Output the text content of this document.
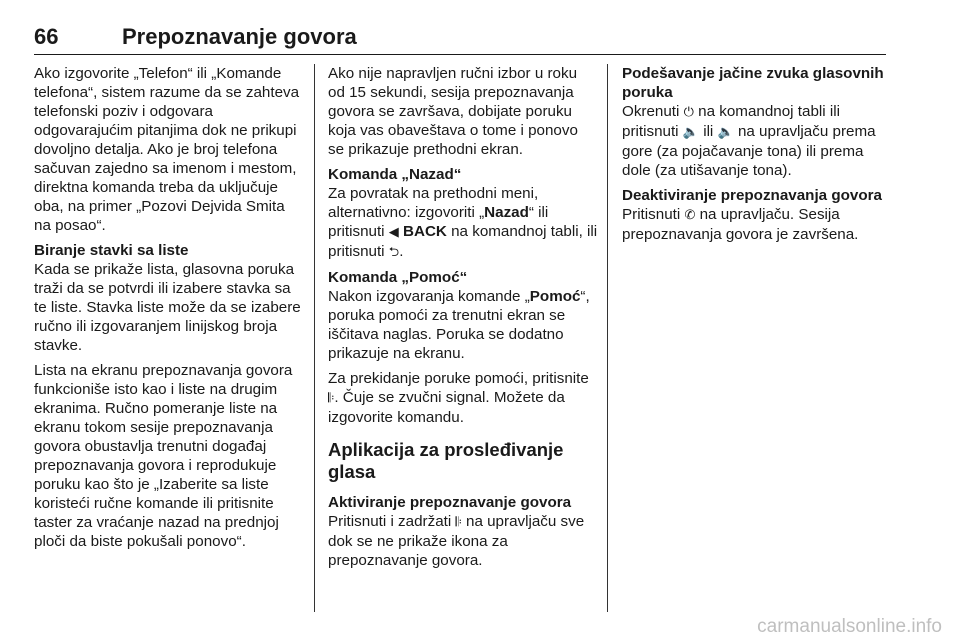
66	Prepoznavanje govora

Ako izgovorite „Telefon“ ili „Komande telefona“, sistem razume da se zahteva telefonski poziv i odgovara odgovarajućim pitanjima dok ne prikupi dovoljno detalja. Ako je broj telefona sačuvan zajedno sa imenom i mestom, direktna komanda treba da uključuje oba, na primer „Pozovi Dejvida Smita na posao“.

Biranje stavki sa liste

Kada se prikaže lista, glasovna poruka traži da se potvrdi ili izabere stavka sa te liste. Stavka liste može da se izabere ručno ili izgovaranjem linijskog broja stavke.

Lista na ekranu prepoznavanja govora funkcioniše isto kao i liste na drugim ekranima. Ručno pomeranje liste na ekranu tokom sesije prepoznavanja govora obustavlja trenutni događaj prepoznavanja govora i reprodukuje poruku kao što je „Izaberite sa liste koristeći ručne komande ili pritisnite taster za vraćanje nazad na prednjoj ploči da biste pokušali ponovo“.

Ako nije napravljen ručni izbor u roku od 15 sekundi, sesija prepoznavanja govora se završava, dobijate poruku koja vas obaveštava o tome i ponovo se prikazuje prethodni ekran.

Komanda „Nazad“

Za povratak na prethodni meni, alternativno: izgovoriti „Nazad“ ili pritisnuti ◀ BACK na komandnoj tabli, ili pritisnuti ⮌.

Komanda „Pomoć“

Nakon izgovaranja komande „Pomoć“, poruka pomoći za trenutni ekran se iščitava naglas. Poruka se dodatno prikazuje na ekranu.

Za prekidanje poruke pomoći, pritisnite 𝄆. Čuje se zvučni signal. Možete da izgovorite komandu.

Aplikacija za prosleđivanje glasa
Aktiviranje prepoznavanje govora

Pritisnuti i zadržati 𝄆 na upravljaču sve dok se ne prikaže ikona za prepoznavanje govora.

Podešavanje jačine zvuka glasovnih poruka

Okrenuti ⏻ na komandnoj tabli ili pritisnuti 🔈 ili 🔈 na upravljaču prema gore (za pojačavanje tona) ili prema dole (za utišavanje tona).

Deaktiviranje prepoznavanja govora

Pritisnuti ✆ na upravljaču. Sesija prepoznavanja govora je završena.

carmanualsonline.info
